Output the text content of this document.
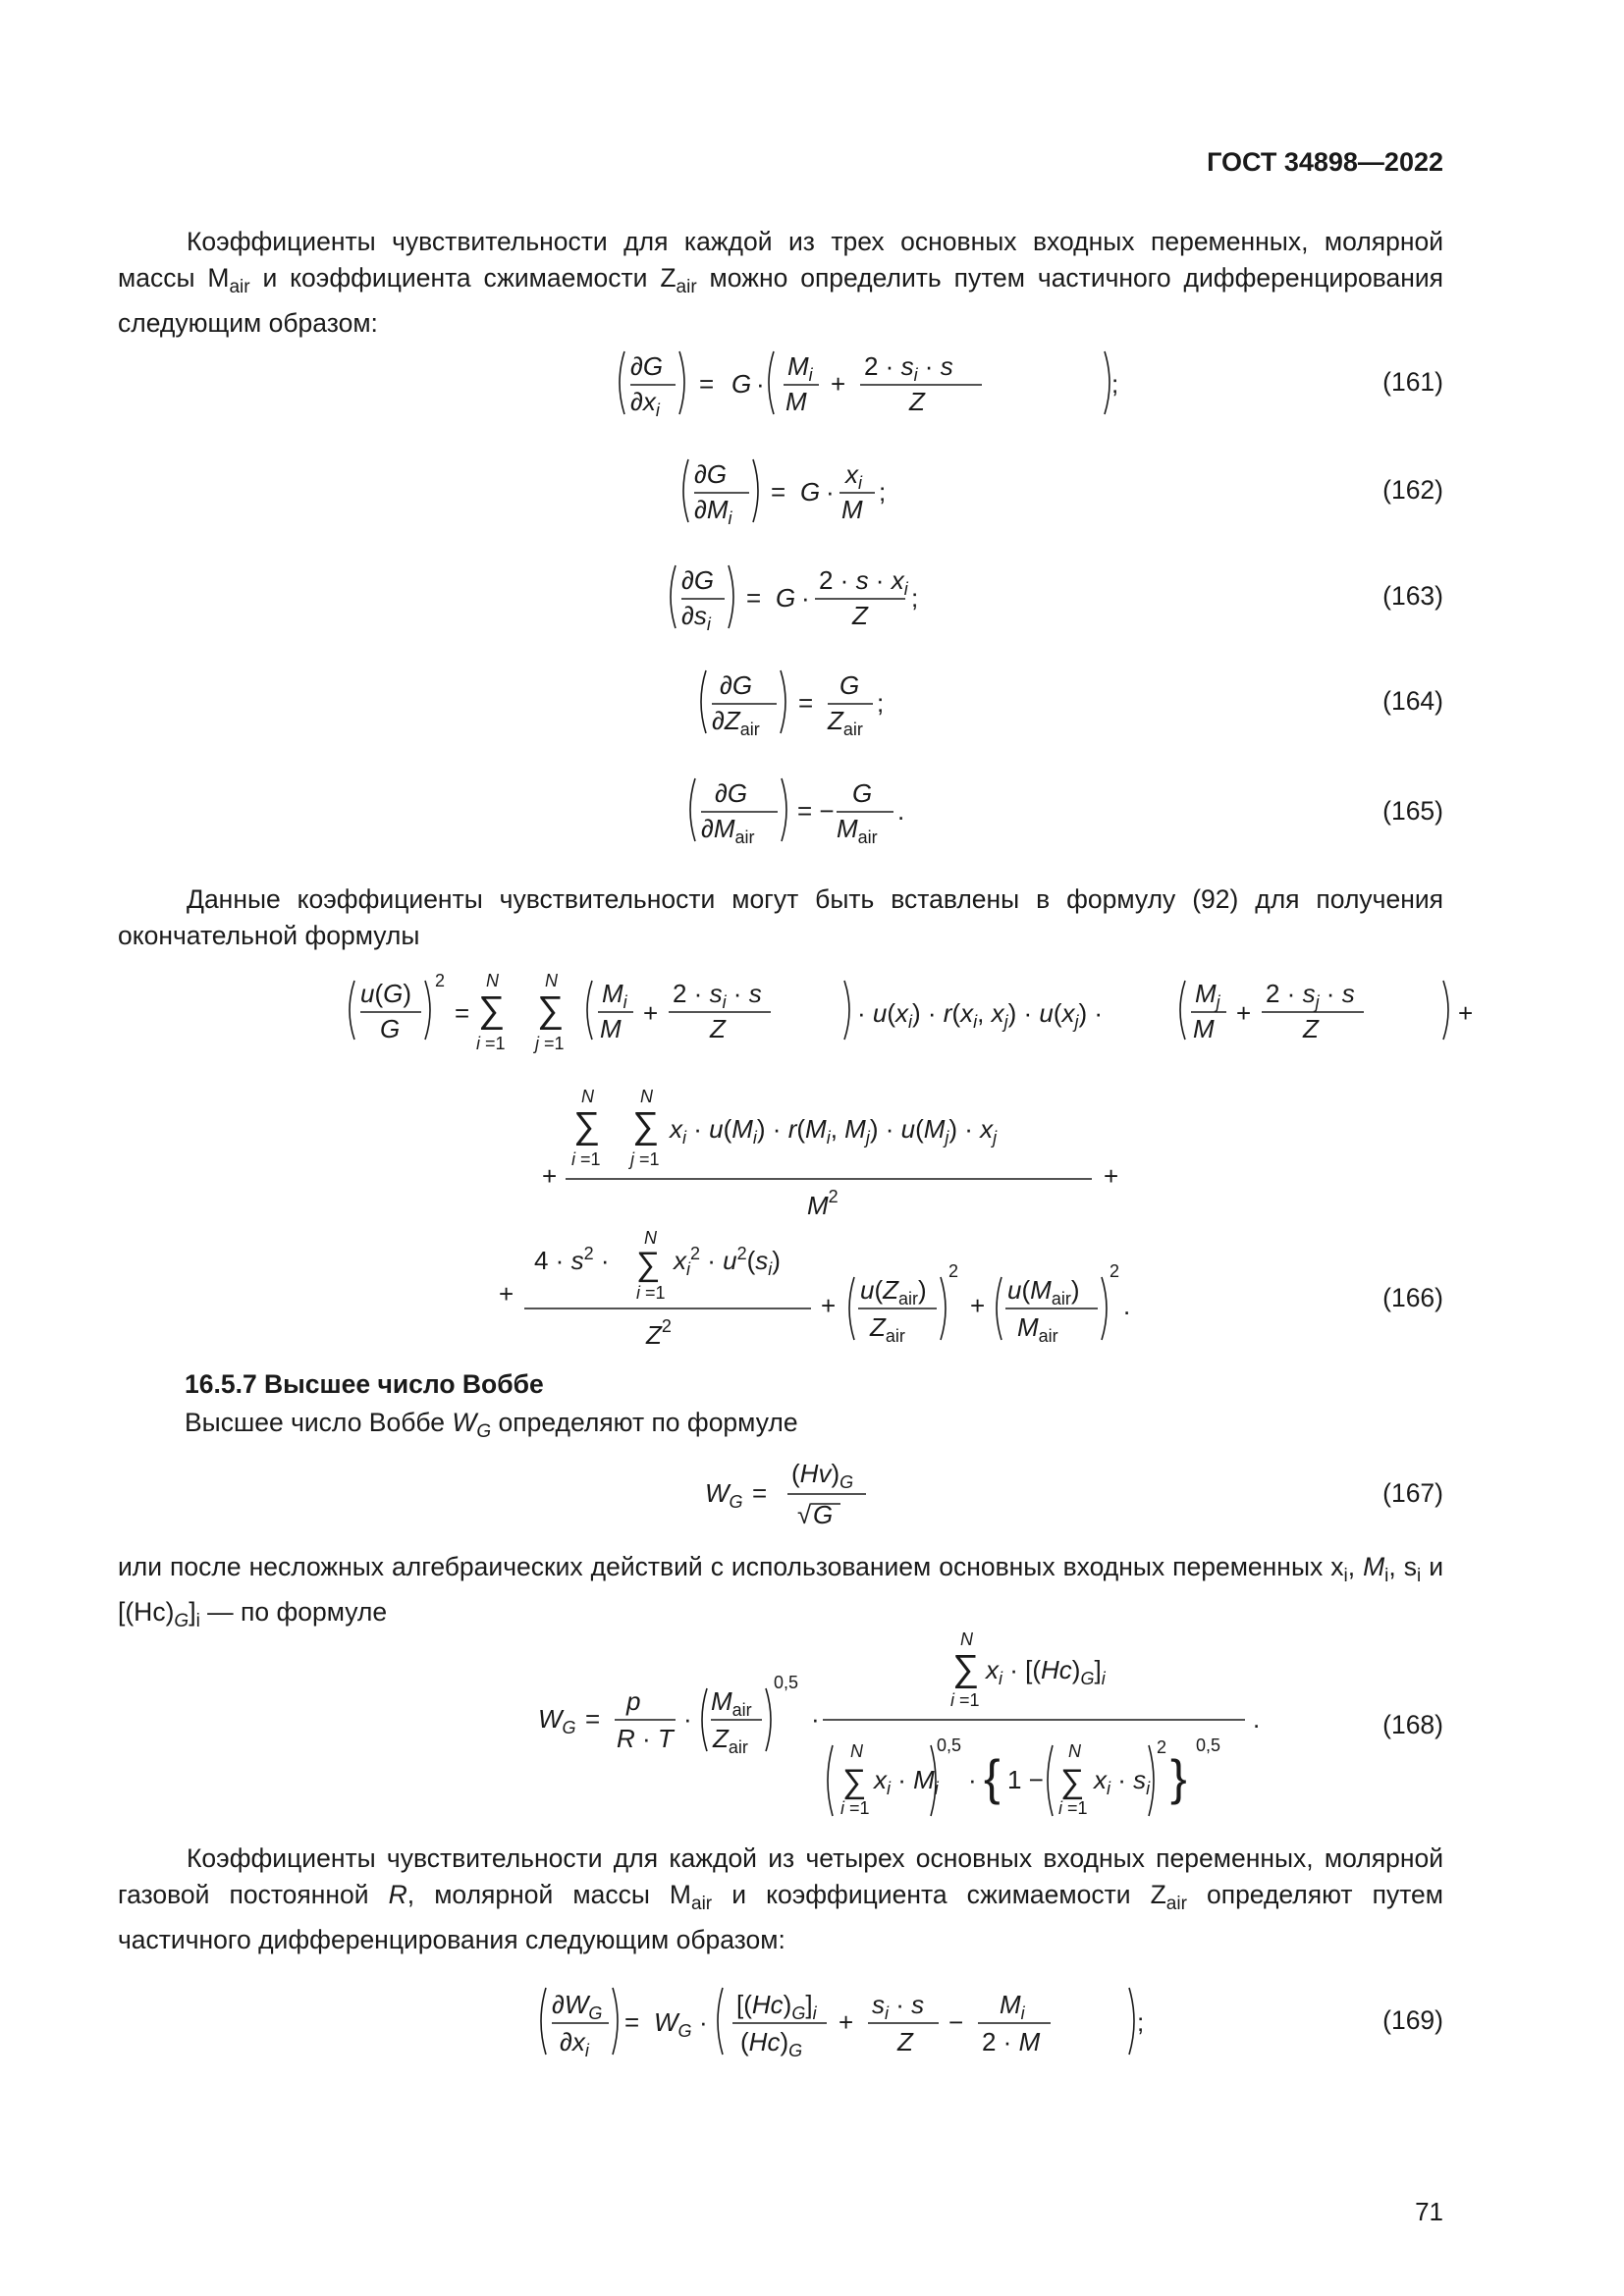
ГОСТ 34898—2022
Коэффициенты чувствительности для каждой из трех основных входных переменных, молярной массы $M_{air}$ и коэффициента сжимаемости $Z_{air}$ можно определить путем частичного дифференцирования следующим образом:
∂G
$\partial x_i$
= G ·
$M_i$
M
+
$2 \cdot s_i \cdot s$
Z
;	(161)
∂G
$\partial M_i$
= G ·
$x_i$
M
;	(162)
∂G
$\partial s_i$
= G ·
$2 \cdot s \cdot x_i$
Z
;	(163)
∂G
$\partial Z_{air}$
=
G
$Z_{air}$
;	(164)
∂G
$\partial M_{air}$
= −
G
$M_{air}$
.	(165)
Данные коэффициенты чувствительности могут быть вставлены в формулу (92) для получения окончательной формулы
u(G)
G
2
=
N
∑
i =1
N
∑
j =1
$M_i$
M
+
$2 \cdot s_i \cdot s$
Z
· $u(x_i) \cdot r(x_i$, $x_j) \cdot u(x_j)$ ·
$M_j$
M
+
$2 \cdot s_j \cdot s$
Z
+
N
∑
i =1
N
∑
j =1
$x_i \cdot u(M_i) \cdot r(M_i$, $M_j) \cdot u(M_j) \cdot x_j$
+
$M^2$
+
+
$4 \cdot s^2$ ·
N
∑
i =1
$x_i^2 \cdot u^2(s_i)$
$Z^2$
+
$u(Z_{air})$
$Z_{air}$
2
+
$u(M_{air})$
$M_{air}$
2
.	(166)
16.5.7 Высшее число Воббе
Высшее число Воббе $W_G$ определяют по формуле
$W_G$ =
$(Hv)_G$
√ G
(167)
или после несложных алгебраических действий с использованием основных входных переменных $x_i$, $M_i$, $s_i$ и $[(Hc)_G]_i$ — по формуле
$W_G$ =
p
R · T
·
$M_{air}$
$Z_{air}$
0,5
·
N
∑
i =1
$x_i \cdot [(Hc)_G]_i$
.
N
∑
i =1
$x_i \cdot M_i$
0,5
· { 1 −
N
∑
i =1
$x_i \cdot s_i$
2
}
0,5
(168)
Коэффициенты чувствительности для каждой из четырех основных входных переменных, молярной газовой постоянной R, молярной массы $M_{air}$ и коэффициента сжимаемости $Z_{air}$ определяют путем частичного дифференцирования следующим образом:
$\partial W_G$
$\partial x_i$
= $W_G$ ·
$[(Hc)_G]_i$
$(Hc)_G$
+
$s_i \cdot s$
Z
−
$M_i$
2 · M
;	(169)
71
